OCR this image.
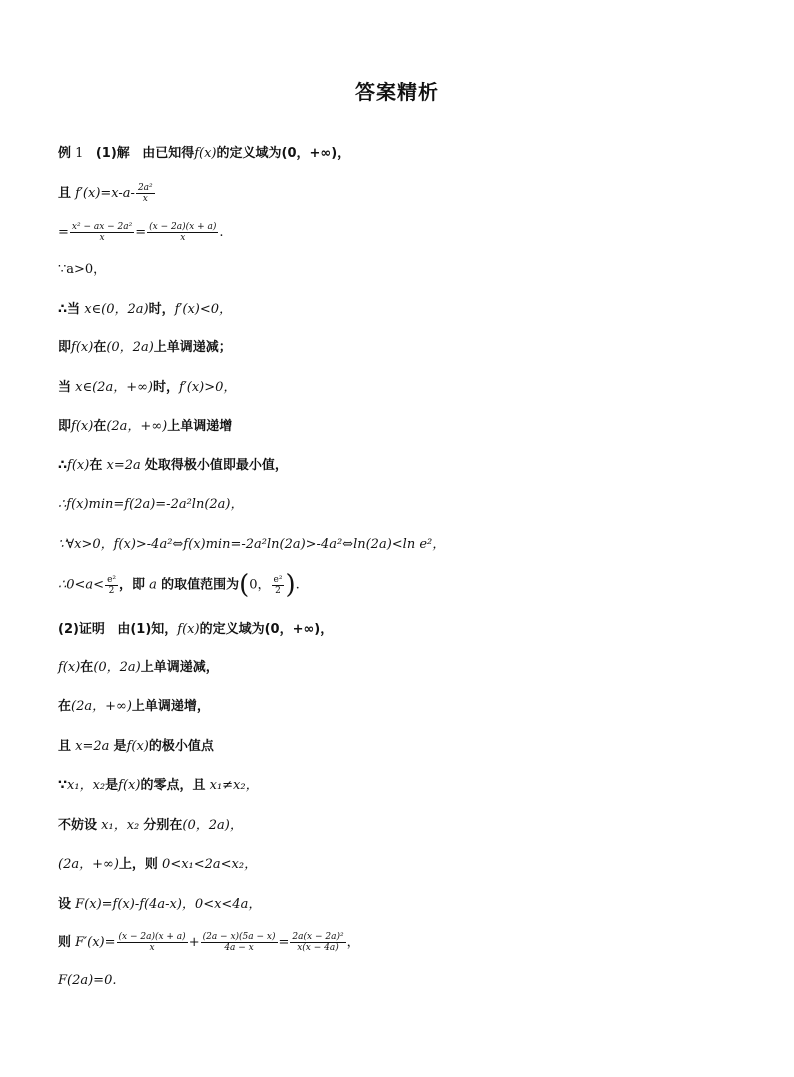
答案精析
例 1 (1)解 由已知得f(x)的定义域为(0，+∞)，
且 $f'(x)=x-a- \frac{\text{2a²}}{x}$
= $\frac{\text{x² − ax − 2a²}}{x} = \frac{(x - 2a)(x + a)}{x}$ .
∵a>0，
∴当 x∈(0，2a)时，f′(x)<0，
即f(x)在(0，2a)上单调递减；
当 x∈(2a，+∞)时，f′(x)>0，
即f(x)在(2a，+∞)上单调递增
∴f(x)在 x=2a 处取得极小值即最小值，
∴f(x)min=f(2a)=-2a²ln(2a)，
∵∀x>0，f(x)>-4a²⇔f(x)min=-2a²ln(2a)>-4a²⇔ln(2a)<ln e²，
∴0<a< $\frac{\text{e²}}{2}$ ，即 a 的取值范围为(0， $\frac{\text{e²}}{2}$ ).
(2)证明 由(1)知，f(x)的定义域为(0，+∞)，
f(x)在(0，2a)上单调递减，
在(2a，+∞)上单调递增，
且 x=2a 是f(x)的极小值点
∵x₁，x₂是f(x)的零点，且 x₁≠x₂，
不妨设 x₁，x₂ 分别在(0，2a)，
(2a，+∞)上，则 0<x₁<2a<x₂，
设 F(x)=f(x)-f(4a-x)，0<x<4a，
则 $F'(x)= \frac{(x - 2a)(x + a)}{x} + \frac{(2a - x)(5a - x)}{4a - x} = \frac{\text{2a(x − 2a)²}}{x(x - 4a)}$ ，
F(2a)=0.
